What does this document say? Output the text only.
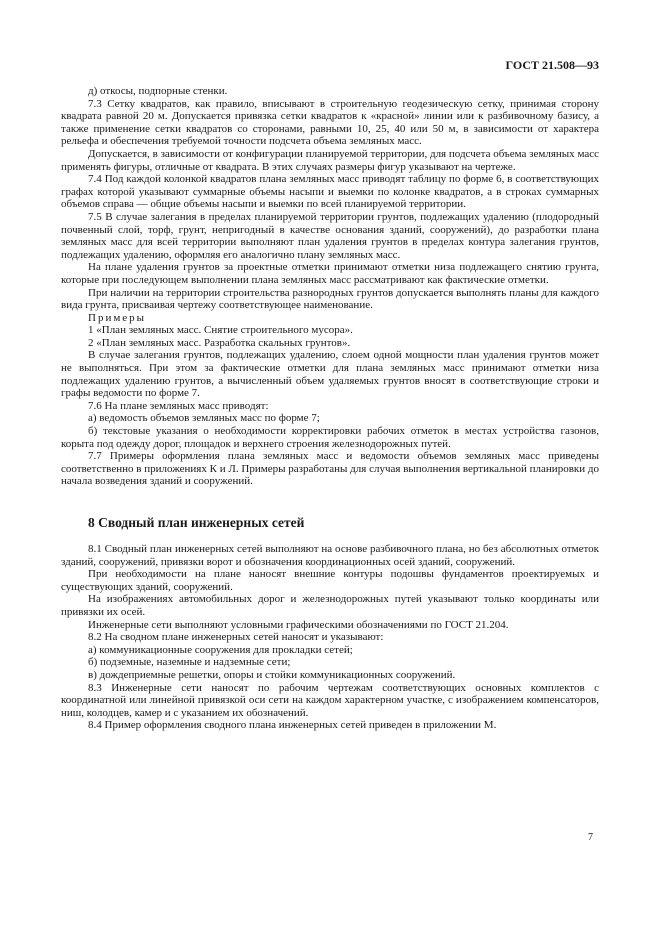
ГОСТ 21.508—93

д) откосы, подпорные стенки.

7.3 Сетку квадратов, как правило, вписывают в строительную геодезическую сетку, принимая сторону квадрата равной 20 м. Допускается привязка сетки квадратов к «красной» линии или к разбивочному базису, а также применение сетки квадратов со сторонами, равными 10, 25, 40 или 50 м, в зависимости от характера рельефа и обеспечения требуемой точности подсчета объема земляных масс.

Допускается, в зависимости от конфигурации планируемой территории, для подсчета объема земляных масс применять фигуры, отличные от квадрата. В этих случаях размеры фигур указывают на чертеже.

7.4 Под каждой колонкой квадратов плана земляных масс приводят таблицу по форме 6, в соответствующих графах которой указывают суммарные объемы насыпи и выемки по колонке квадратов, а в строках суммарных объемов справа — общие объемы насыпи и выемки по всей планируемой территории.

7.5 В случае залегания в пределах планируемой территории грунтов, подлежащих удалению (плодородный почвенный слой, торф, грунт, непригодный в качестве основания зданий, сооружений), до разработки плана земляных масс для всей территории выполняют план удаления грунтов в пределах контура залегания грунтов, подлежащих удалению, оформляя его аналогично плану земляных масс.

На плане удаления грунтов за проектные отметки принимают отметки низа подлежащего снятию грунта, которые при последующем выполнении плана земляных масс рассматривают как фактические отметки.

При наличии на территории строительства разнородных грунтов допускается выполнять планы для каждого вида грунта, присваивая чертежу соответствующее наименование.

Примеры

1 «План земляных масс. Снятие строительного мусора».

2 «План земляных масс. Разработка скальных грунтов».

В случае залегания грунтов, подлежащих удалению, слоем одной мощности план удаления грунтов может не выполняться. При этом за фактические отметки для плана земляных масс принимают отметки низа подлежащих удалению грунтов, а вычисленный объем удаляемых грунтов вносят в соответствующие строки и графы ведомости по форме 7.

7.6 На плане земляных масс приводят:

а) ведомость объемов земляных масс по форме 7;

б) текстовые указания о необходимости корректировки рабочих отметок в местах устройства газонов, корыта под одежду дорог, площадок и верхнего строения железнодорожных путей.

7.7 Примеры оформления плана земляных масс и ведомости объемов земляных масс приведены соответственно в приложениях К и Л. Примеры разработаны для случая выполнения вертикальной планировки до начала возведения зданий и сооружений.

8 Сводный план инженерных сетей

8.1 Сводный план инженерных сетей выполняют на основе разбивочного плана, но без абсолютных отметок зданий, сооружений, привязки ворот и обозначения координационных осей зданий, сооружений.

При необходимости на плане наносят внешние контуры подошвы фундаментов проектируемых и существующих зданий, сооружений.

На изображениях автомобильных дорог и железнодорожных путей указывают только координаты или привязки их осей.

Инженерные сети выполняют условными графическими обозначениями по ГОСТ 21.204.

8.2 На сводном плане инженерных сетей наносят и указывают:

а) коммуникационные сооружения для прокладки сетей;

б) подземные, наземные и надземные сети;

в) дождеприемные решетки, опоры и стойки коммуникационных сооружений.

8.3 Инженерные сети наносят по рабочим чертежам соответствующих основных комплектов с координатной или линейной привязкой оси сети на каждом характерном участке, с изображением компенсаторов, ниш, колодцев, камер и с указанием их обозначений.

8.4 Пример оформления сводного плана инженерных сетей приведен в приложении М.

7
